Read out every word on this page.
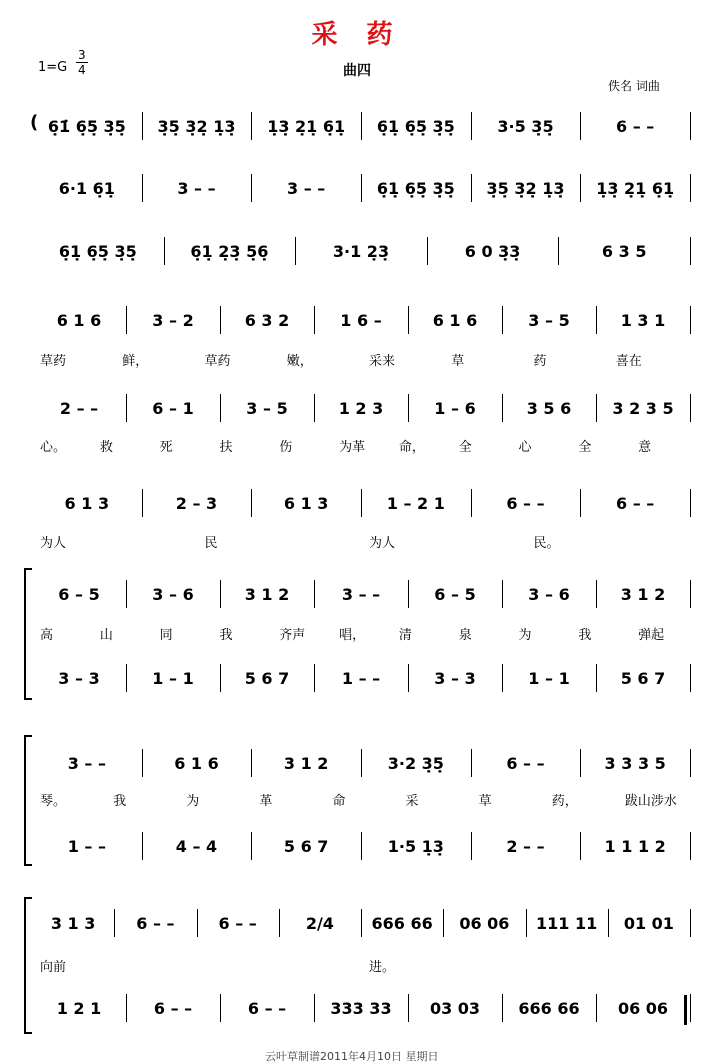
采 药
曲四
$1=G \frac{3}{4}$
佚名 词曲
6̣1̇ 6̣5̣ 3̣5̣	3̣5̣ 3̣2̣ 1̣3̣	1̣3̣ 2̣1̣ 6̣1̣	6̣1̣ 6̣5̣ 3̣5̣	3·5 3̣5̣	6 – –
6·1 6̣1̣	3 – –	3 – –	6̣1̣ 6̣5̣ 3̣5̣	3̣5̣ 3̣2̣ 1̣3̣	1̣3̣ 2̣1̣ 6̣1̣
6̣1̣ 6̣5̣ 3̣5̣	6̣1̣ 2̣3̣ 5̣6̣	3·1 2̣3̣	6 0 3̣3̣	6 3 5
6 1 6	3 – 2	6 3 2	1 6 –	6 1 6	3 – 5	1 3 1
2 – –	6 – 1	3 – 5	1 2 3	1 – 6	3 5 6	3 2 3 5
6 1 3	2 – 3	6 1 3	1 – 2 1	6 – –	6 – –
6 – 5	3 – 6	3 1 2	3 – –	6 – 5	3 – 6	3 1 2
3 – 3	1 – 1	5 6 7	1 – –	3 – 3	1 – 1	5 6 7
3 – –	6 1 6	3 1 2	3·2 3̣5̣	6 – –	3 3 3 5
1 – –	4 – 4	5 6 7	1·5 1̣3̣	2 – –	1 1 1 2
3 1 3	6 – –	6 – –	2/4	666 66	06 06	111 11	01 01
1 2 1	6 – –	6 – –	333 33	03 03	666 66	06 06
(
草药	鲜，	草药	嫩，	采来	草	药	喜在
心。	救	死	扶	伤	为革	命，	全	心	全	意
为人	民	为人	民。
高	山	同	我	齐声	唱，	清	泉	为	我	弹起
琴。	我	为	革	命	采	草	药，	跋山涉水
向前	进。
云叶草制谱2011年4月10日 星期日
